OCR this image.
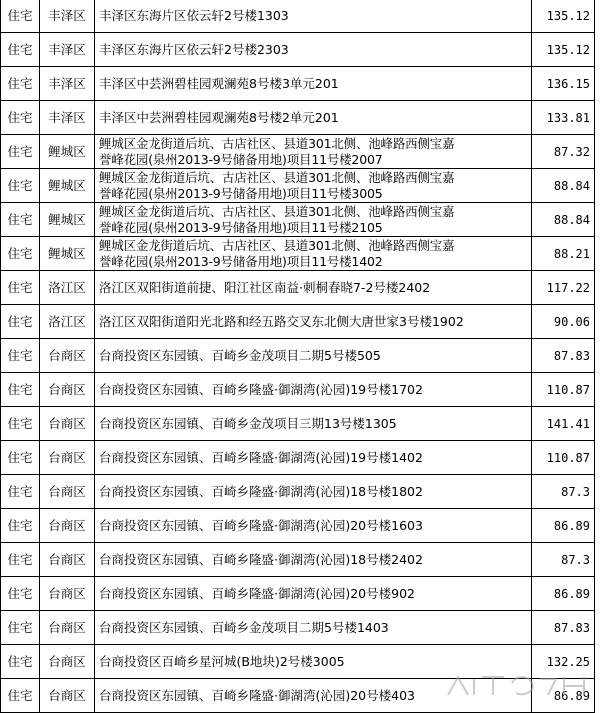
住宅	丰泽区	丰泽区东海片区依云轩2号楼1303	135.12
住宅	丰泽区	丰泽区东海片区依云轩2号楼2303	135.12
住宅	丰泽区	丰泽区中芸洲碧桂园观澜苑8号楼3单元201	136.15
住宅	丰泽区	丰泽区中芸洲碧桂园观澜苑8号楼2单元201	133.81
住宅	鲤城区	鲤城区金龙街道后坑、古店社区、县道301北侧、池峰路西侧宝嘉
誉峰花园(泉州2013-9号储备用地)项目11号楼2007	87.32
住宅	鲤城区	鲤城区金龙街道后坑、古店社区、县道301北侧、池峰路西侧宝嘉
誉峰花园(泉州2013-9号储备用地)项目11号楼3005	88.84
住宅	鲤城区	鲤城区金龙街道后坑、古店社区、县道301北侧、池峰路西侧宝嘉
誉峰花园(泉州2013-9号储备用地)项目11号楼2105	88.84
住宅	鲤城区	鲤城区金龙街道后坑、古店社区、县道301北侧、池峰路西侧宝嘉
誉峰花园(泉州2013-9号储备用地)项目11号楼1402	88.21
住宅	洛江区	洛江区双阳街道前捷、阳江社区南益·刺桐春晓7-2号楼2402	117.22
住宅	洛江区	洛江区双阳街道阳光北路和经五路交叉东北侧大唐世家3号楼1902	90.06
住宅	台商区	台商投资区东园镇、百崎乡金茂项目二期5号楼505	87.83
住宅	台商区	台商投资区东园镇、百崎乡隆盛·御湖湾(沁园)19号楼1702	110.87
住宅	台商区	台商投资区东园镇、百崎乡金茂项目三期13号楼1305	141.41
住宅	台商区	台商投资区东园镇、百崎乡隆盛·御湖湾(沁园)19号楼1402	110.87
住宅	台商区	台商投资区东园镇、百崎乡隆盛·御湖湾(沁园)18号楼1802	87.3
住宅	台商区	台商投资区东园镇、百崎乡隆盛·御湖湾(沁园)20号楼1603	86.89
住宅	台商区	台商投资区东园镇、百崎乡隆盛·御湖湾(沁园)18号楼2402	87.3
住宅	台商区	台商投资区东园镇、百崎乡隆盛·御湖湾(沁园)20号楼902	86.89
住宅	台商区	台商投资区东园镇、百崎乡金茂项目二期5号楼1403	87.83
住宅	台商区	台商投资区百崎乡星河城(B地块)2号楼3005	132.25
住宅	台商区	台商投资区东园镇、百崎乡隆盛·御湖湾(沁园)20号楼403	86.89
